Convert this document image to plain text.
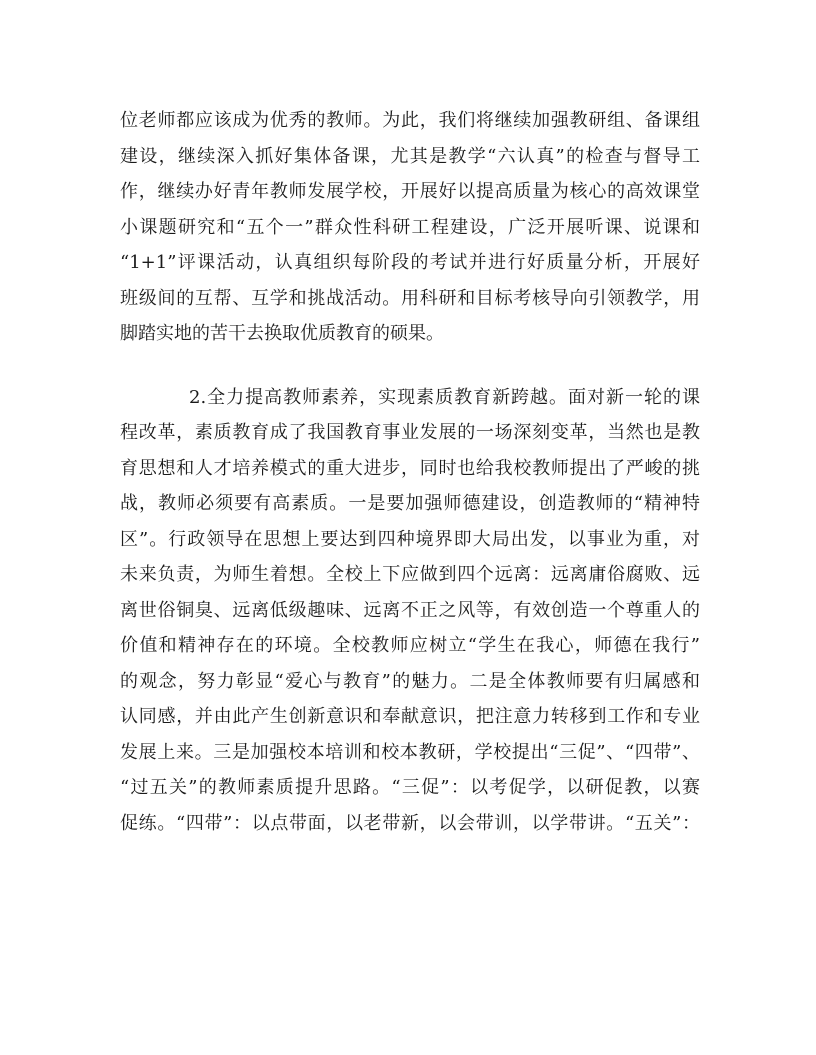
位老师都应该成为优秀的教师。为此，我们将继续加强教研组、备课组
建设，继续深入抓好集体备课，尤其是教学“六认真”的检查与督导工
作，继续办好青年教师发展学校，开展好以提高质量为核心的高效课堂
小课题研究和“五个一”群众性科研工程建设，广泛开展听课、说课和
“1+1”评课活动，认真组织每阶段的考试并进行好质量分析，开展好
班级间的互帮、互学和挑战活动。用科研和目标考核导向引领教学，用
脚踏实地的苦干去换取优质教育的硕果。
2.全力提高教师素养，实现素质教育新跨越。面对新一轮的课
程改革，素质教育成了我国教育事业发展的一场深刻变革，当然也是教
育思想和人才培养模式的重大进步，同时也给我校教师提出了严峻的挑
战，教师必须要有高素质。一是要加强师德建设，创造教师的“精神特
区”。行政领导在思想上要达到四种境界即大局出发，以事业为重，对
未来负责，为师生着想。全校上下应做到四个远离：远离庸俗腐败、远
离世俗铜臭、远离低级趣味、远离不正之风等，有效创造一个尊重人的
价值和精神存在的环境。全校教师应树立“学生在我心，师德在我行”
的观念，努力彰显“爱心与教育”的魅力。二是全体教师要有归属感和
认同感，并由此产生创新意识和奉献意识，把注意力转移到工作和专业
发展上来。三是加强校本培训和校本教研，学校提出“三促”、“四带”、
“过五关”的教师素质提升思路。“三促”：以考促学，以研促教，以赛
促练。“四带”：以点带面，以老带新，以会带训，以学带讲。“五关”：
